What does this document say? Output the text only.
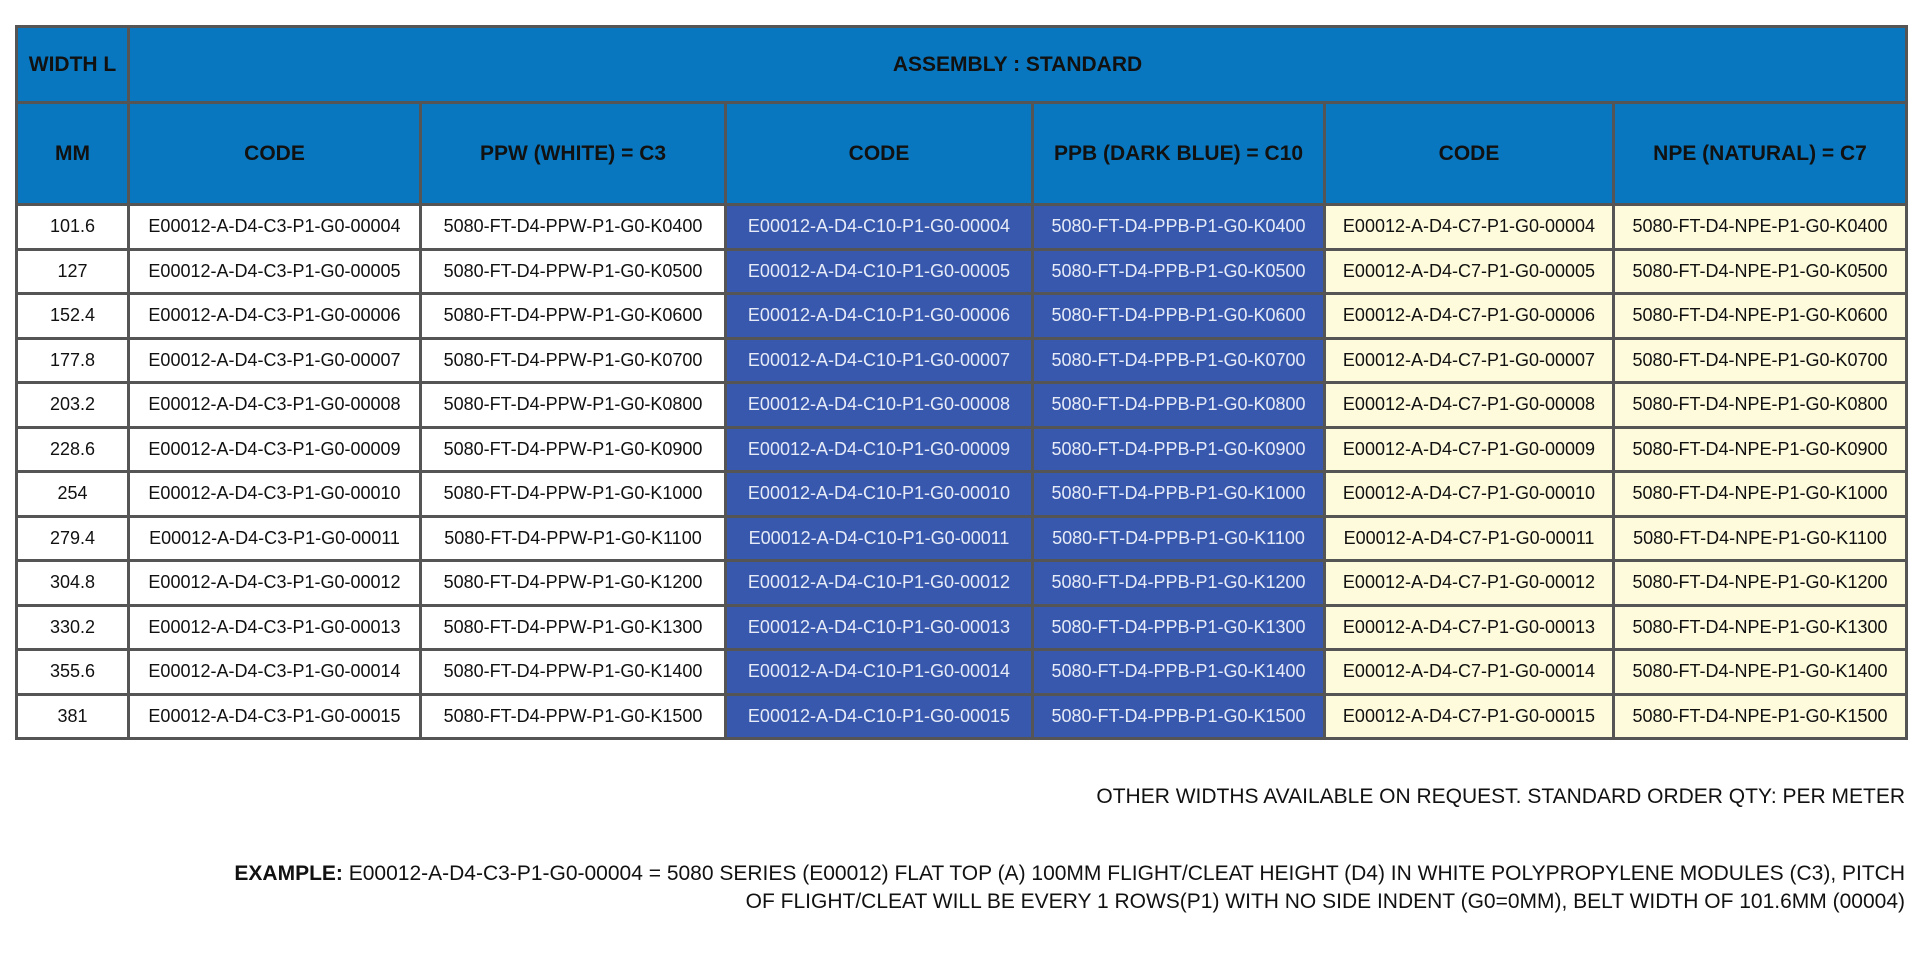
WIDTH L	ASSEMBLY : STANDARD					
MM	CODE	PPW (WHITE) = C3	CODE	PPB (DARK BLUE) = C10	CODE	NPE (NATURAL) = C7
101.6	E00012-A-D4-C3-P1-G0-00004	5080-FT-D4-PPW-P1-G0-K0400	E00012-A-D4-C10-P1-G0-00004	5080-FT-D4-PPB-P1-G0-K0400	E00012-A-D4-C7-P1-G0-00004	5080-FT-D4-NPE-P1-G0-K0400
127	E00012-A-D4-C3-P1-G0-00005	5080-FT-D4-PPW-P1-G0-K0500	E00012-A-D4-C10-P1-G0-00005	5080-FT-D4-PPB-P1-G0-K0500	E00012-A-D4-C7-P1-G0-00005	5080-FT-D4-NPE-P1-G0-K0500
152.4	E00012-A-D4-C3-P1-G0-00006	5080-FT-D4-PPW-P1-G0-K0600	E00012-A-D4-C10-P1-G0-00006	5080-FT-D4-PPB-P1-G0-K0600	E00012-A-D4-C7-P1-G0-00006	5080-FT-D4-NPE-P1-G0-K0600
177.8	E00012-A-D4-C3-P1-G0-00007	5080-FT-D4-PPW-P1-G0-K0700	E00012-A-D4-C10-P1-G0-00007	5080-FT-D4-PPB-P1-G0-K0700	E00012-A-D4-C7-P1-G0-00007	5080-FT-D4-NPE-P1-G0-K0700
203.2	E00012-A-D4-C3-P1-G0-00008	5080-FT-D4-PPW-P1-G0-K0800	E00012-A-D4-C10-P1-G0-00008	5080-FT-D4-PPB-P1-G0-K0800	E00012-A-D4-C7-P1-G0-00008	5080-FT-D4-NPE-P1-G0-K0800
228.6	E00012-A-D4-C3-P1-G0-00009	5080-FT-D4-PPW-P1-G0-K0900	E00012-A-D4-C10-P1-G0-00009	5080-FT-D4-PPB-P1-G0-K0900	E00012-A-D4-C7-P1-G0-00009	5080-FT-D4-NPE-P1-G0-K0900
254	E00012-A-D4-C3-P1-G0-00010	5080-FT-D4-PPW-P1-G0-K1000	E00012-A-D4-C10-P1-G0-00010	5080-FT-D4-PPB-P1-G0-K1000	E00012-A-D4-C7-P1-G0-00010	5080-FT-D4-NPE-P1-G0-K1000
279.4	E00012-A-D4-C3-P1-G0-00011	5080-FT-D4-PPW-P1-G0-K1100	E00012-A-D4-C10-P1-G0-00011	5080-FT-D4-PPB-P1-G0-K1100	E00012-A-D4-C7-P1-G0-00011	5080-FT-D4-NPE-P1-G0-K1100
304.8	E00012-A-D4-C3-P1-G0-00012	5080-FT-D4-PPW-P1-G0-K1200	E00012-A-D4-C10-P1-G0-00012	5080-FT-D4-PPB-P1-G0-K1200	E00012-A-D4-C7-P1-G0-00012	5080-FT-D4-NPE-P1-G0-K1200
330.2	E00012-A-D4-C3-P1-G0-00013	5080-FT-D4-PPW-P1-G0-K1300	E00012-A-D4-C10-P1-G0-00013	5080-FT-D4-PPB-P1-G0-K1300	E00012-A-D4-C7-P1-G0-00013	5080-FT-D4-NPE-P1-G0-K1300
355.6	E00012-A-D4-C3-P1-G0-00014	5080-FT-D4-PPW-P1-G0-K1400	E00012-A-D4-C10-P1-G0-00014	5080-FT-D4-PPB-P1-G0-K1400	E00012-A-D4-C7-P1-G0-00014	5080-FT-D4-NPE-P1-G0-K1400
381	E00012-A-D4-C3-P1-G0-00015	5080-FT-D4-PPW-P1-G0-K1500	E00012-A-D4-C10-P1-G0-00015	5080-FT-D4-PPB-P1-G0-K1500	E00012-A-D4-C7-P1-G0-00015	5080-FT-D4-NPE-P1-G0-K1500
OTHER WIDTHS AVAILABLE ON REQUEST. STANDARD ORDER QTY: PER METER
EXAMPLE: E00012-A-D4-C3-P1-G0-00004 = 5080 SERIES (E00012) FLAT TOP (A) 100MM FLIGHT/CLEAT HEIGHT (D4) IN WHITE POLYPROPYLENE MODULES (C3), PITCH OF FLIGHT/CLEAT WILL BE EVERY 1 ROWS(P1) WITH NO SIDE INDENT (G0=0MM), BELT WIDTH OF 101.6MM (00004)
